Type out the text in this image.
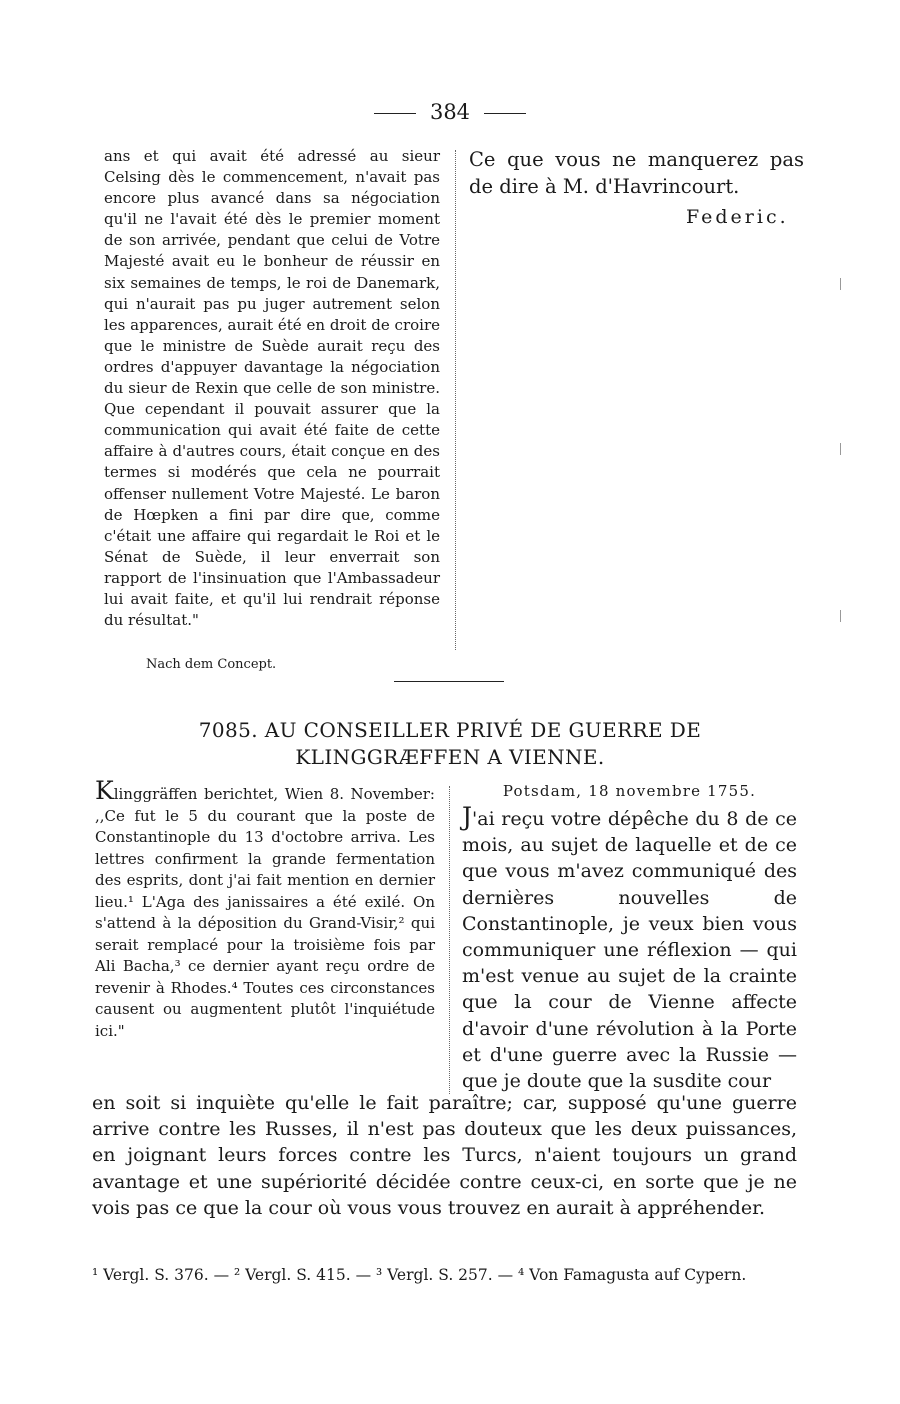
384

ans et qui avait été adressé au sieur Celsing dès le commencement, n'avait pas encore plus avancé dans sa négociation qu'il ne l'avait été dès le premier moment de son arrivée, pendant que celui de Votre Majesté avait eu le bonheur de réussir en six semaines de temps, le roi de Danemark, qui n'aurait pas pu juger autrement selon les apparences, aurait été en droit de croire que le ministre de Suède aurait reçu des ordres d'appuyer davantage la négociation du sieur de Rexin que celle de son ministre. Que cependant il pouvait assurer que la communication qui avait été faite de cette affaire à d'autres cours, était conçue en des termes si modérés que cela ne pourrait offenser nullement Votre Majesté. Le baron de Hœpken a fini par dire que, comme c'était une affaire qui regardait le Roi et le Sénat de Suède, il leur enverrait son rapport de l'insinuation que l'Ambassadeur lui avait faite, et qu'il lui rendrait réponse du résultat."

Nach dem Concept.

Ce que vous ne manquerez pas de dire à M. d'Havrincourt.

Federic.
7085. AU CONSEILLER PRIVÉ DE GUERRE DE KLINGGRÆFFEN A VIENNE.
Klinggräffen berichtet, Wien 8. November: ,,Ce fut le 5 du courant que la poste de Constantinople du 13 d'octobre arriva. Les lettres confirment la grande fermentation des esprits, dont j'ai fait mention en dernier lieu.¹ L'Aga des janissaires a été exilé. On s'attend à la déposition du Grand-Visir,² qui serait remplacé pour la troisième fois par Ali Bacha,³ ce dernier ayant reçu ordre de revenir à Rhodes.⁴ Toutes ces circonstances causent ou augmentent plutôt l'inquiétude ici."

Potsdam, 18 novembre 1755.

J'ai reçu votre dépêche du 8 de ce mois, au sujet de laquelle et de ce que vous m'avez communiqué des dernières nouvelles de Constantinople, je veux bien vous communiquer une réflexion — qui m'est venue au sujet de la crainte que la cour de Vienne affecte d'avoir d'une révolution à la Porte et d'une guerre avec la Russie — que je doute que la susdite cour

en soit si inquiète qu'elle le fait paraître; car, supposé qu'une guerre arrive contre les Russes, il n'est pas douteux que les deux puissances, en joignant leurs forces contre les Turcs, n'aient toujours un grand avantage et une supériorité décidée contre ceux-ci, en sorte que je ne vois pas ce que la cour où vous vous trouvez en aurait à appréhender.

¹ Vergl. S. 376. — ² Vergl. S. 415. — ³ Vergl. S. 257. — ⁴ Von Famagusta auf Cypern.
